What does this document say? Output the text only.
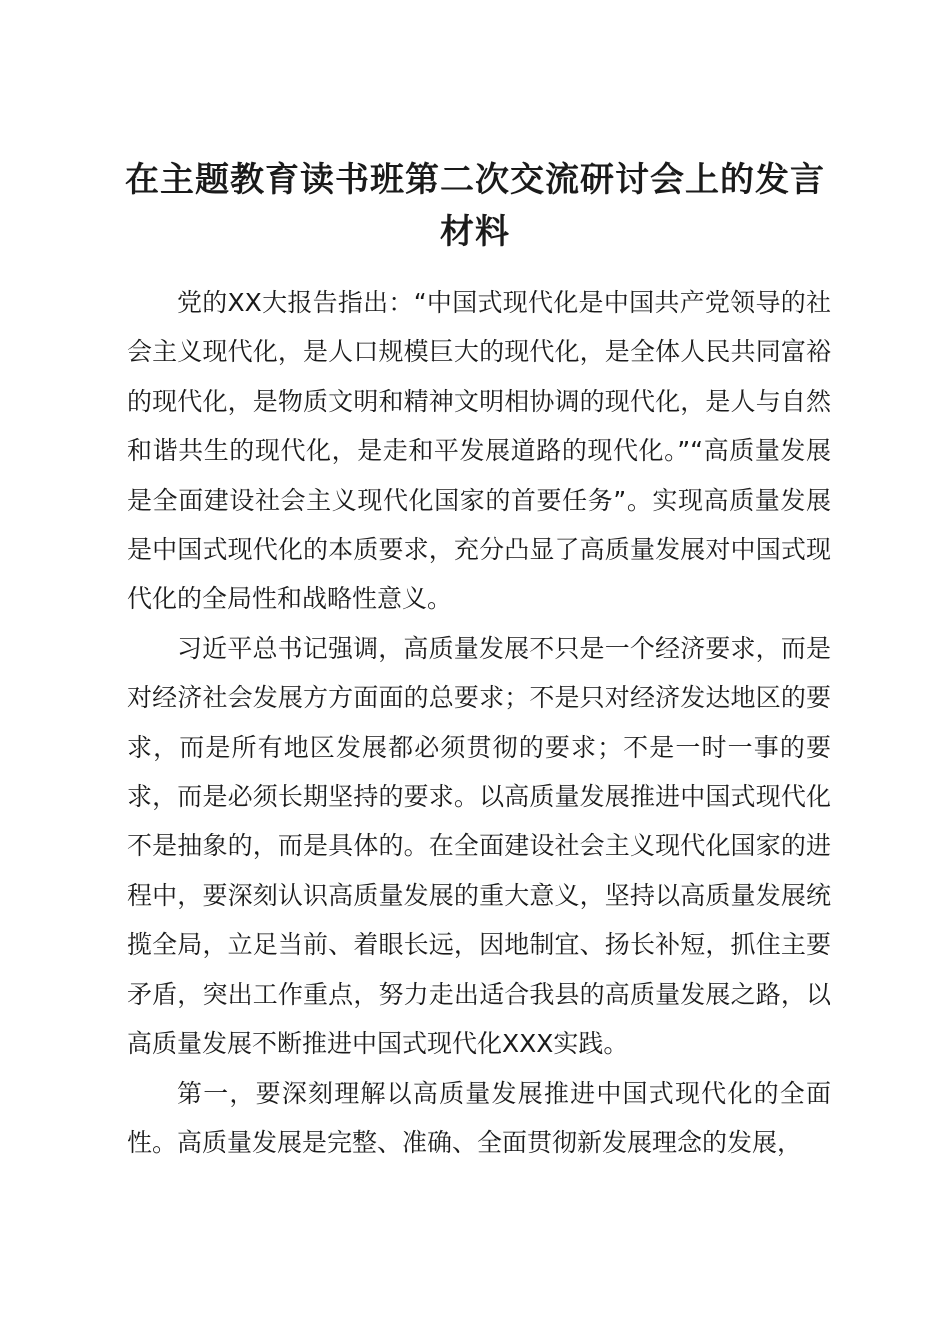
在主题教育读书班第二次交流研讨会上的发言材料

党的XX大报告指出：“中国式现代化是中国共产党领导的社会主义现代化，是人口规模巨大的现代化，是全体人民共同富裕的现代化，是物质文明和精神文明相协调的现代化，是人与自然和谐共生的现代化，是走和平发展道路的现代化。”“高质量发展是全面建设社会主义现代化国家的首要任务”。实现高质量发展是中国式现代化的本质要求，充分凸显了高质量发展对中国式现代化的全局性和战略性意义。

习近平总书记强调，高质量发展不只是一个经济要求，而是对经济社会发展方方面面的总要求；不是只对经济发达地区的要求，而是所有地区发展都必须贯彻的要求；不是一时一事的要求，而是必须长期坚持的要求。以高质量发展推进中国式现代化不是抽象的，而是具体的。在全面建设社会主义现代化国家的进程中，要深刻认识高质量发展的重大意义，坚持以高质量发展统揽全局，立足当前、着眼长远，因地制宜、扬长补短，抓住主要矛盾，突出工作重点，努力走出适合我县的高质量发展之路，以高质量发展不断推进中国式现代化XXX实践。

第一，要深刻理解以高质量发展推进中国式现代化的全面性。高质量发展是完整、准确、全面贯彻新发展理念的发展，
